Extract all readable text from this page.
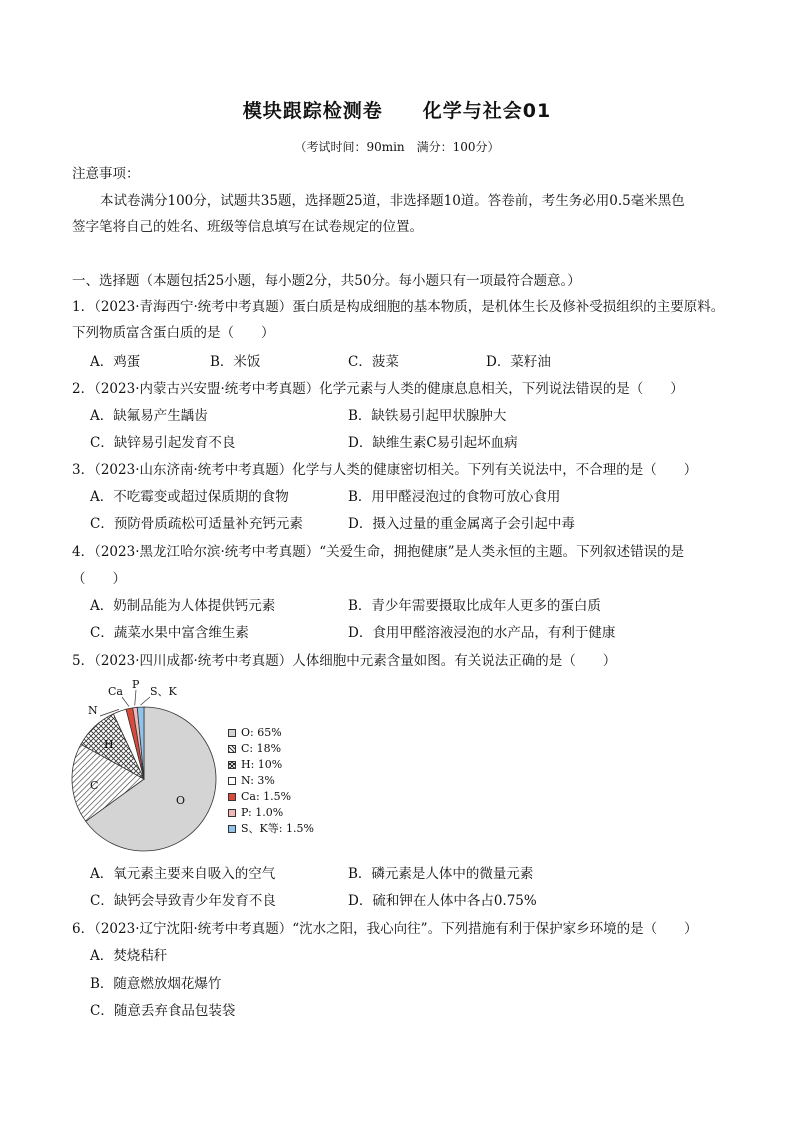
模块跟踪检测卷　　化学与社会01
（考试时间：90min　满分：100分）
注意事项：
本试卷满分100分，试题共35题，选择题25道，非选择题10道。答卷前，考生务必用0.5毫米黑色
签字笔将自己的姓名、班级等信息填写在试卷规定的位置。
一、选择题（本题包括25小题，每小题2分，共50分。每小题只有一项最符合题意。）
1．（2023·青海西宁·统考中考真题）蛋白质是构成细胞的基本物质，是机体生长及修补受损组织的主要原料。
下列物质富含蛋白质的是（　　）
A．鸡蛋	B．米饭	C．菠菜	D．菜籽油
2．（2023·内蒙古兴安盟·统考中考真题）化学元素与人类的健康息息相关，下列说法错误的是（　　）
A．缺氟易产生龋齿	B．缺铁易引起甲状腺肿大
C．缺锌易引起发育不良	D．缺维生素C易引起坏血病
3．（2023·山东济南·统考中考真题）化学与人类的健康密切相关。下列有关说法中，不合理的是（　　）
A．不吃霉变或超过保质期的食物	B．用甲醛浸泡过的食物可放心食用
C．预防骨质疏松可适量补充钙元素	D．摄入过量的重金属离子会引起中毒
4．（2023·黑龙江哈尔滨·统考中考真题）“关爱生命，拥抱健康”是人类永恒的主题。下列叙述错误的是
（　　）
A．奶制品能为人体提供钙元素	B．青少年需要摄取比成年人更多的蛋白质
C．蔬菜水果中富含维生素	D．食用甲醛溶液浸泡的水产品，有利于健康
5．（2023·四川成都·统考中考真题）人体细胞中元素含量如图。有关说法正确的是（　　）
O
C
H
N
Ca
P
S、K
O: 65%
C: 18%
H: 10%
N: 3%
Ca: 1.5%
P: 1.0%
S、K等: 1.5%
A．氧元素主要来自吸入的空气	B．磷元素是人体中的微量元素
C．缺钙会导致青少年发育不良	D．硫和钾在人体中各占0.75%
6．（2023·辽宁沈阳·统考中考真题）“沈水之阳，我心向往”。下列措施有利于保护家乡环境的是（　　）
A．焚烧秸秆
B．随意燃放烟花爆竹
C．随意丢弃食品包装袋
